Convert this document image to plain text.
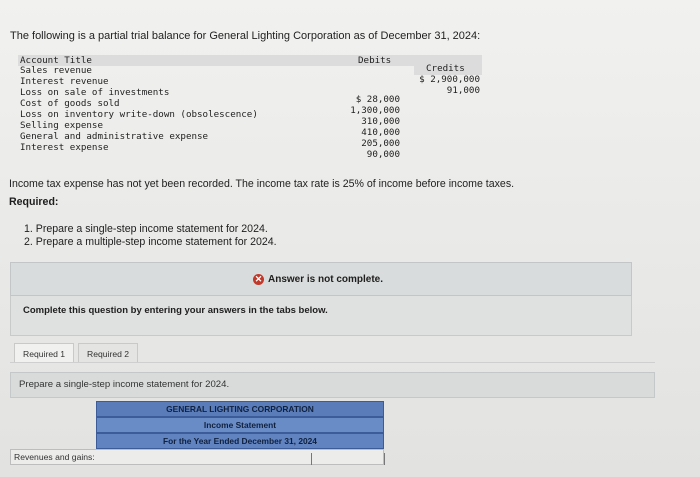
The following is a partial trial balance for General Lighting Corporation as of December 31, 2024:
Account Title	Debits
Credits
Sales revenue
$ 2,900,000
Interest revenue
91,000
Loss on sale of investments
$ 28,000
Cost of goods sold
1,300,000
Loss on inventory write-down (obsolescence)
310,000
Selling expense
410,000
General and administrative expense
205,000
Interest expense
90,000
Income tax expense has not yet been recorded. The income tax rate is 25% of income before income taxes.
Required:
1. Prepare a single-step income statement for 2024.
2. Prepare a multiple-step income statement for 2024.
✕ Answer is not complete.
Complete this question by entering your answers in the tabs below.
Required 1	Required 2
Prepare a single-step income statement for 2024.
GENERAL LIGHTING CORPORATION
Income Statement
For the Year Ended December 31, 2024
Revenues and gains:
